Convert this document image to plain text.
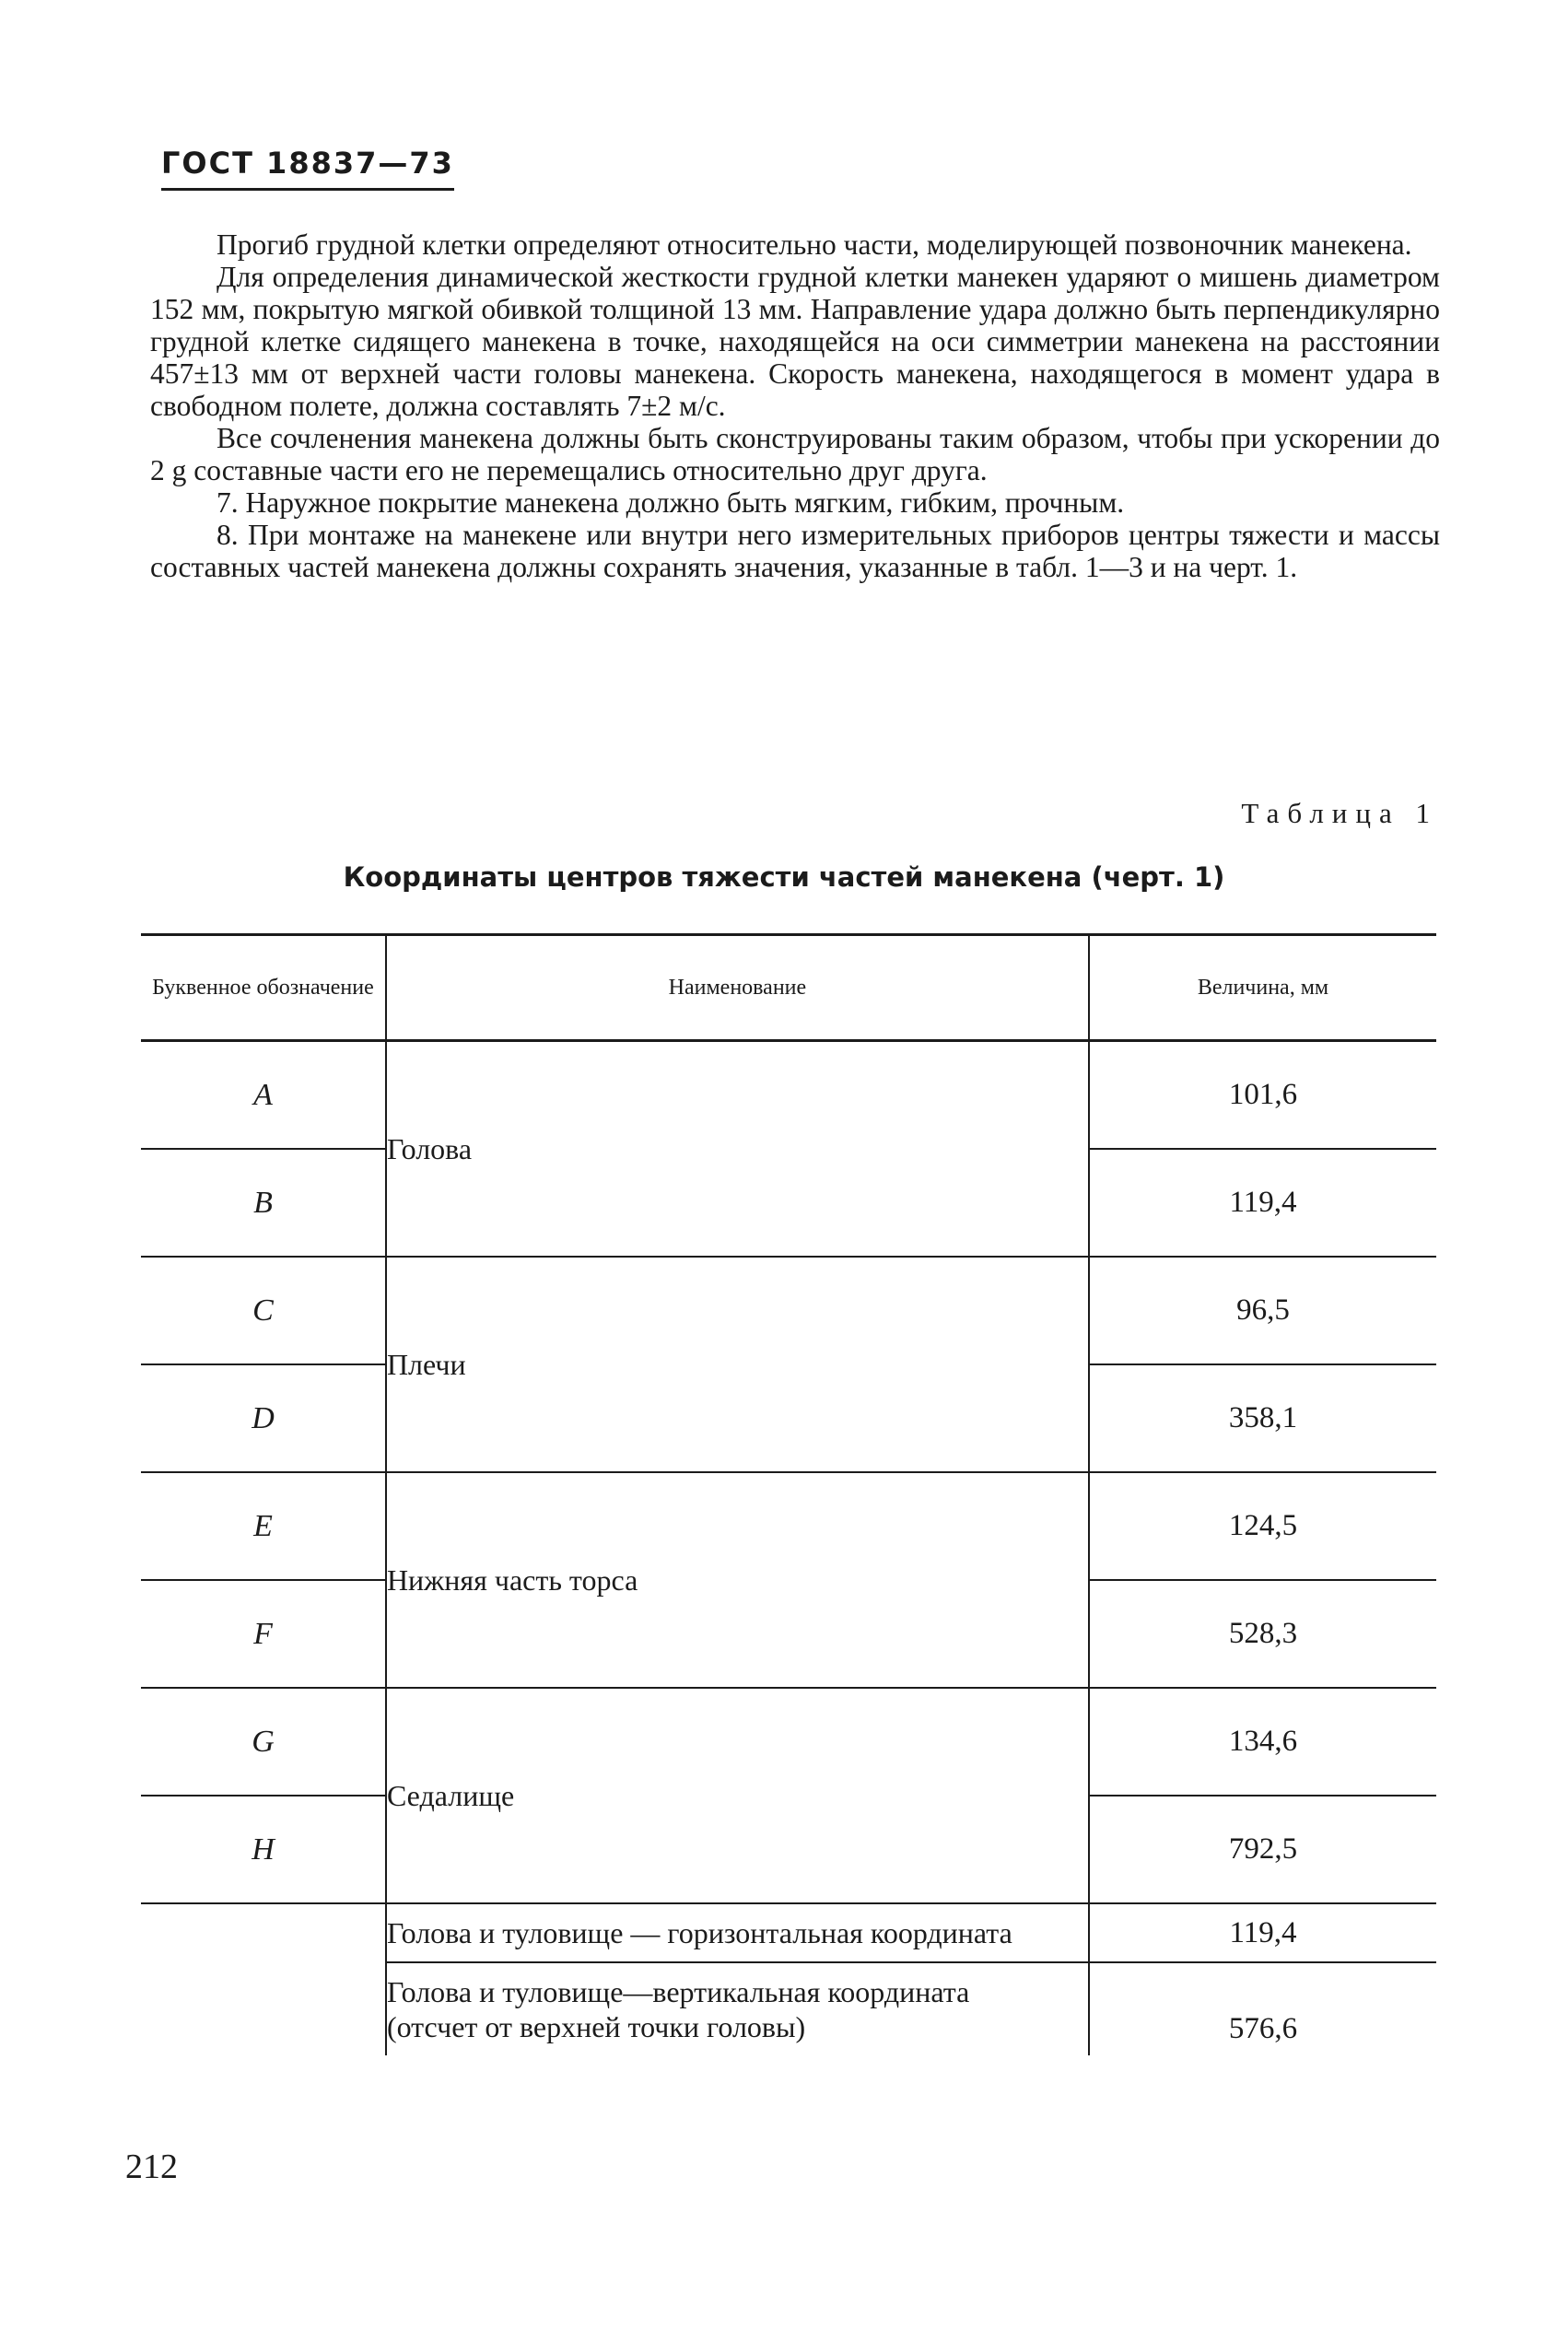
ГОСТ 18837—73

Прогиб грудной клетки определяют относительно части, моделирующей позвоночник манекена.

Для определения динамической жесткости грудной клетки манекен ударяют о мишень диаметром 152 мм, покрытую мягкой обивкой толщиной 13 мм. Направление удара должно быть перпендикулярно грудной клетке сидящего манекена в точке, находящейся на оси симметрии манекена на расстоянии 457±13 мм от верхней части головы манекена. Скорость манекена, находящегося в момент удара в свободном полете, должна составлять 7±2 м/с.

Все сочленения манекена должны быть сконструированы таким образом, чтобы при ускорении до 2 g составные части его не перемещались относительно друг друга.

7. Наружное покрытие манекена должно быть мягким, гибким, прочным.

8. При монтаже на манекене или внутри него измерительных приборов центры тяжести и массы составных частей манекена должны сохранять значения, указанные в табл. 1—3 и на черт. 1.

Таблица 1
Координаты центров тяжести частей манекена (черт. 1)
Буквенное обозначение	Наименование	Величина, мм
A	Голова	101,6
B		119,4
C	Плечи	96,5
D		358,1
E	Нижняя часть торса	124,5
F		528,3
G	Седалище	134,6
H		792,5
	Голова и туловище — горизонтальная координата	119,4
	Голова и туловище—вертикальная координата (отсчет от верхней точки головы)	576,6
212
